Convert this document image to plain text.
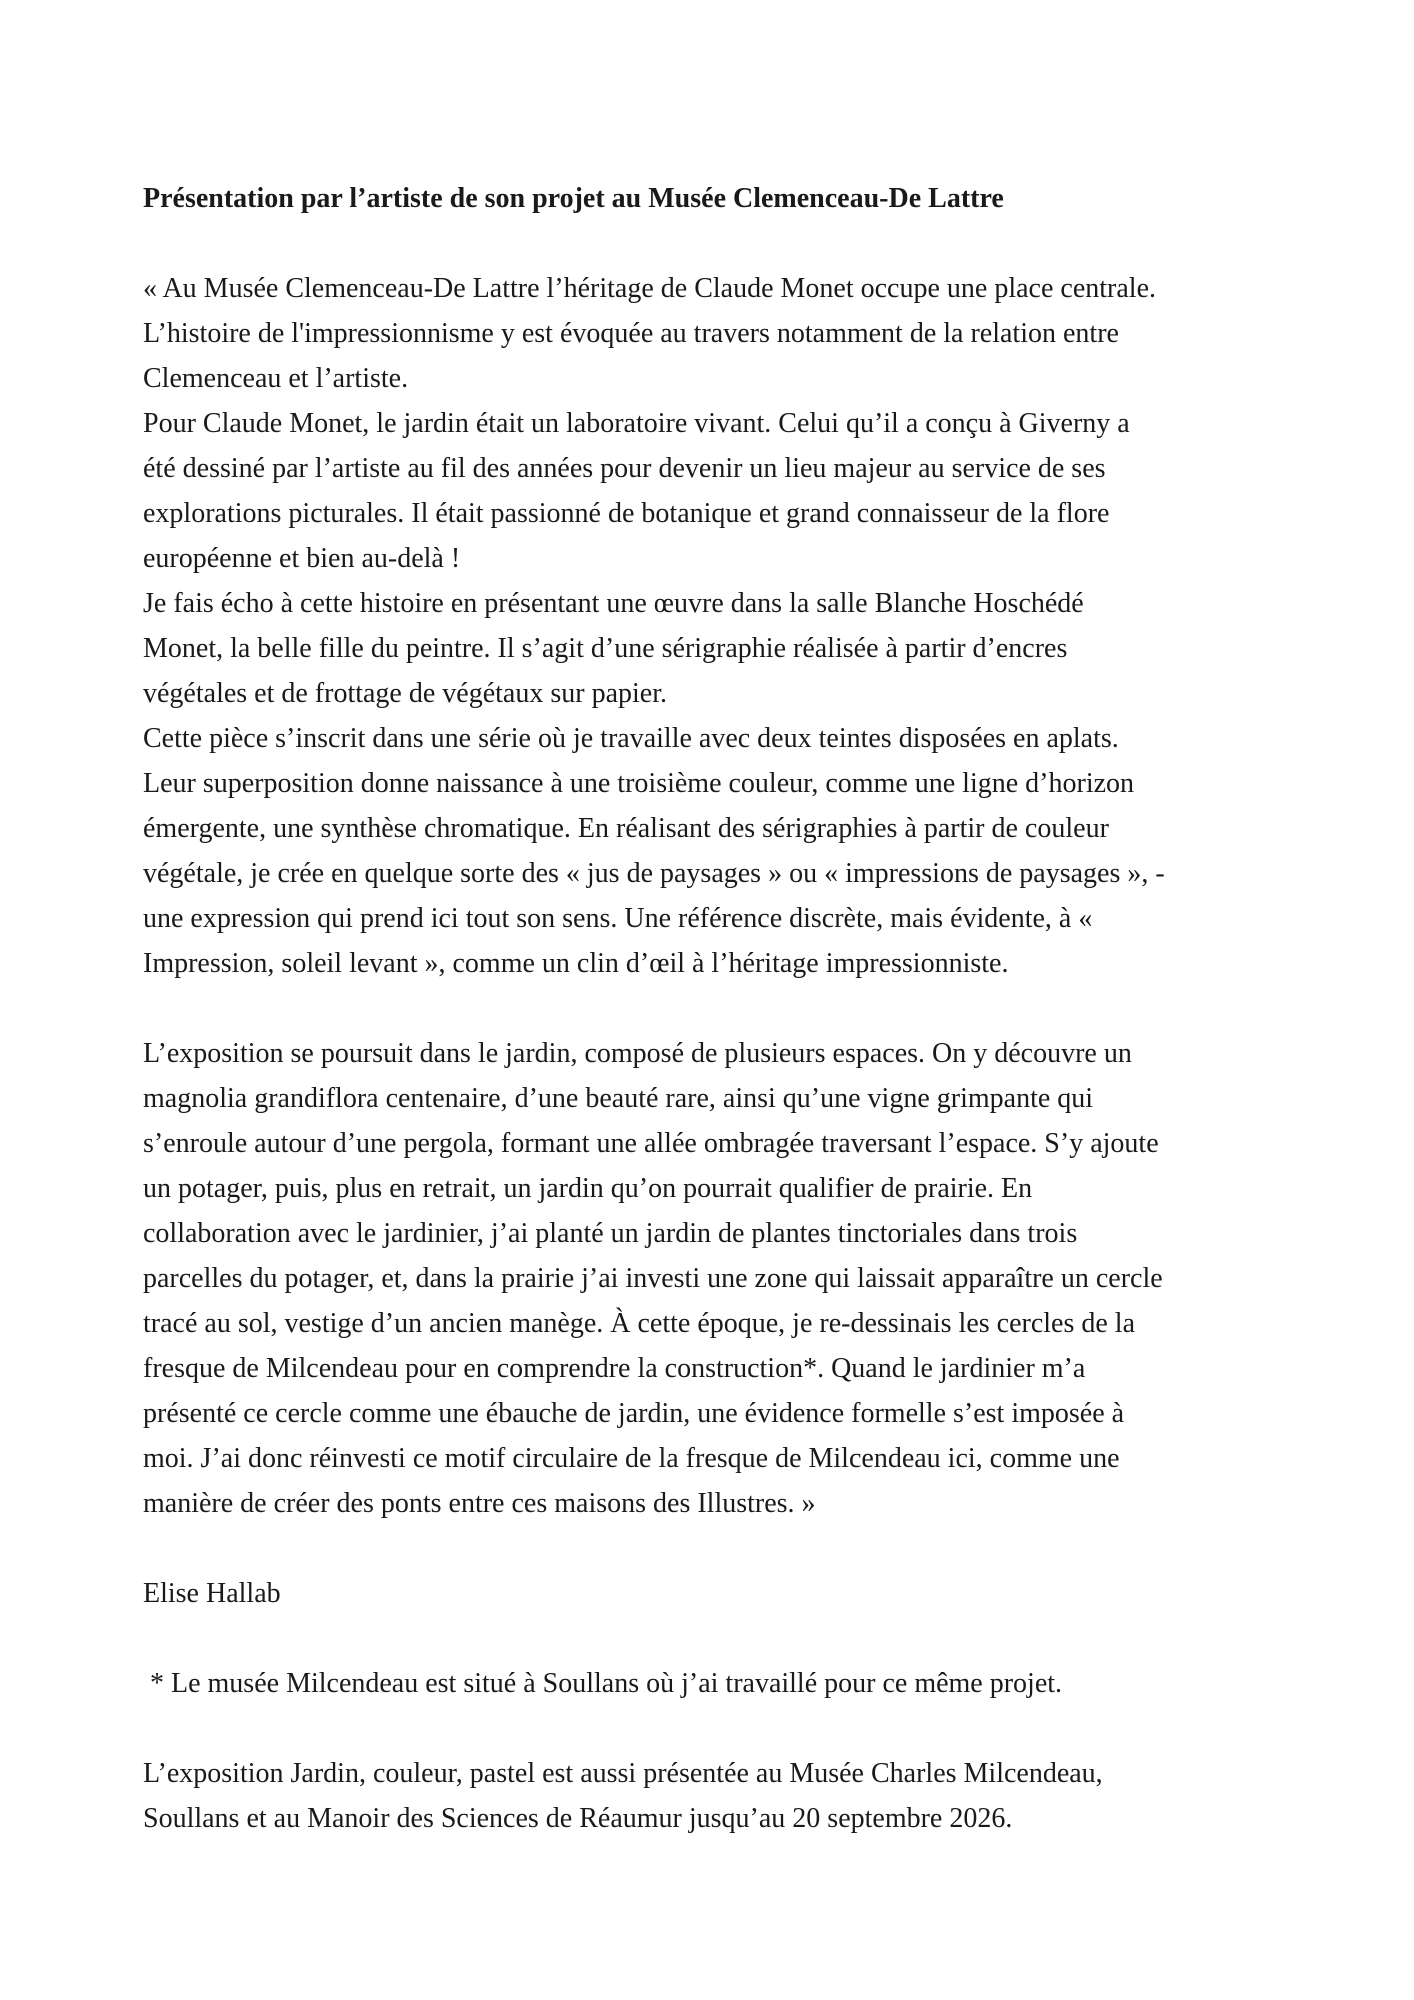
Présentation par l’artiste de son projet au Musée Clemenceau-De Lattre
« Au Musée Clemenceau-De Lattre l’héritage de Claude Monet occupe une place centrale.
L’histoire de l'impressionnisme y est évoquée au travers notamment de la relation entre
Clemenceau et l’artiste.
Pour Claude Monet, le jardin était un laboratoire vivant. Celui qu’il a conçu à Giverny a
été dessiné par l’artiste au fil des années pour devenir un lieu majeur au service de ses
explorations picturales. Il était passionné de botanique et grand connaisseur de la flore
européenne et bien au-delà !
Je fais écho à cette histoire en présentant une œuvre dans la salle Blanche Hoschédé
Monet, la belle fille du peintre. Il s’agit d’une sérigraphie réalisée à partir d’encres
végétales et de frottage de végétaux sur papier.
Cette pièce s’inscrit dans une série où je travaille avec deux teintes disposées en aplats.
Leur superposition donne naissance à une troisième couleur, comme une ligne d’horizon
émergente, une synthèse chromatique. En réalisant des sérigraphies à partir de couleur
végétale, je crée en quelque sorte des « jus de paysages » ou « impressions de paysages », -
une expression qui prend ici tout son sens. Une référence discrète, mais évidente, à «
Impression, soleil levant », comme un clin d’œil à l’héritage impressionniste.
L’exposition se poursuit dans le jardin, composé de plusieurs espaces. On y découvre un
magnolia grandiflora centenaire, d’une beauté rare, ainsi qu’une vigne grimpante qui
s’enroule autour d’une pergola, formant une allée ombragée traversant l’espace. S’y ajoute
un potager, puis, plus en retrait, un jardin qu’on pourrait qualifier de prairie. En
collaboration avec le jardinier, j’ai planté un jardin de plantes tinctoriales dans trois
parcelles du potager, et, dans la prairie j’ai investi une zone qui laissait apparaître un cercle
tracé au sol, vestige d’un ancien manège. À cette époque, je re-dessinais les cercles de la
fresque de Milcendeau pour en comprendre la construction*. Quand le jardinier m’a
présenté ce cercle comme une ébauche de jardin, une évidence formelle s’est imposée à
moi. J’ai donc réinvesti ce motif circulaire de la fresque de Milcendeau ici, comme une
manière de créer des ponts entre ces maisons des Illustres. »
Elise Hallab
* Le musée Milcendeau est situé à Soullans où j’ai travaillé pour ce même projet.
L’exposition Jardin, couleur, pastel est aussi présentée au Musée Charles Milcendeau,
Soullans et au Manoir des Sciences de Réaumur jusqu’au 20 septembre 2026.
